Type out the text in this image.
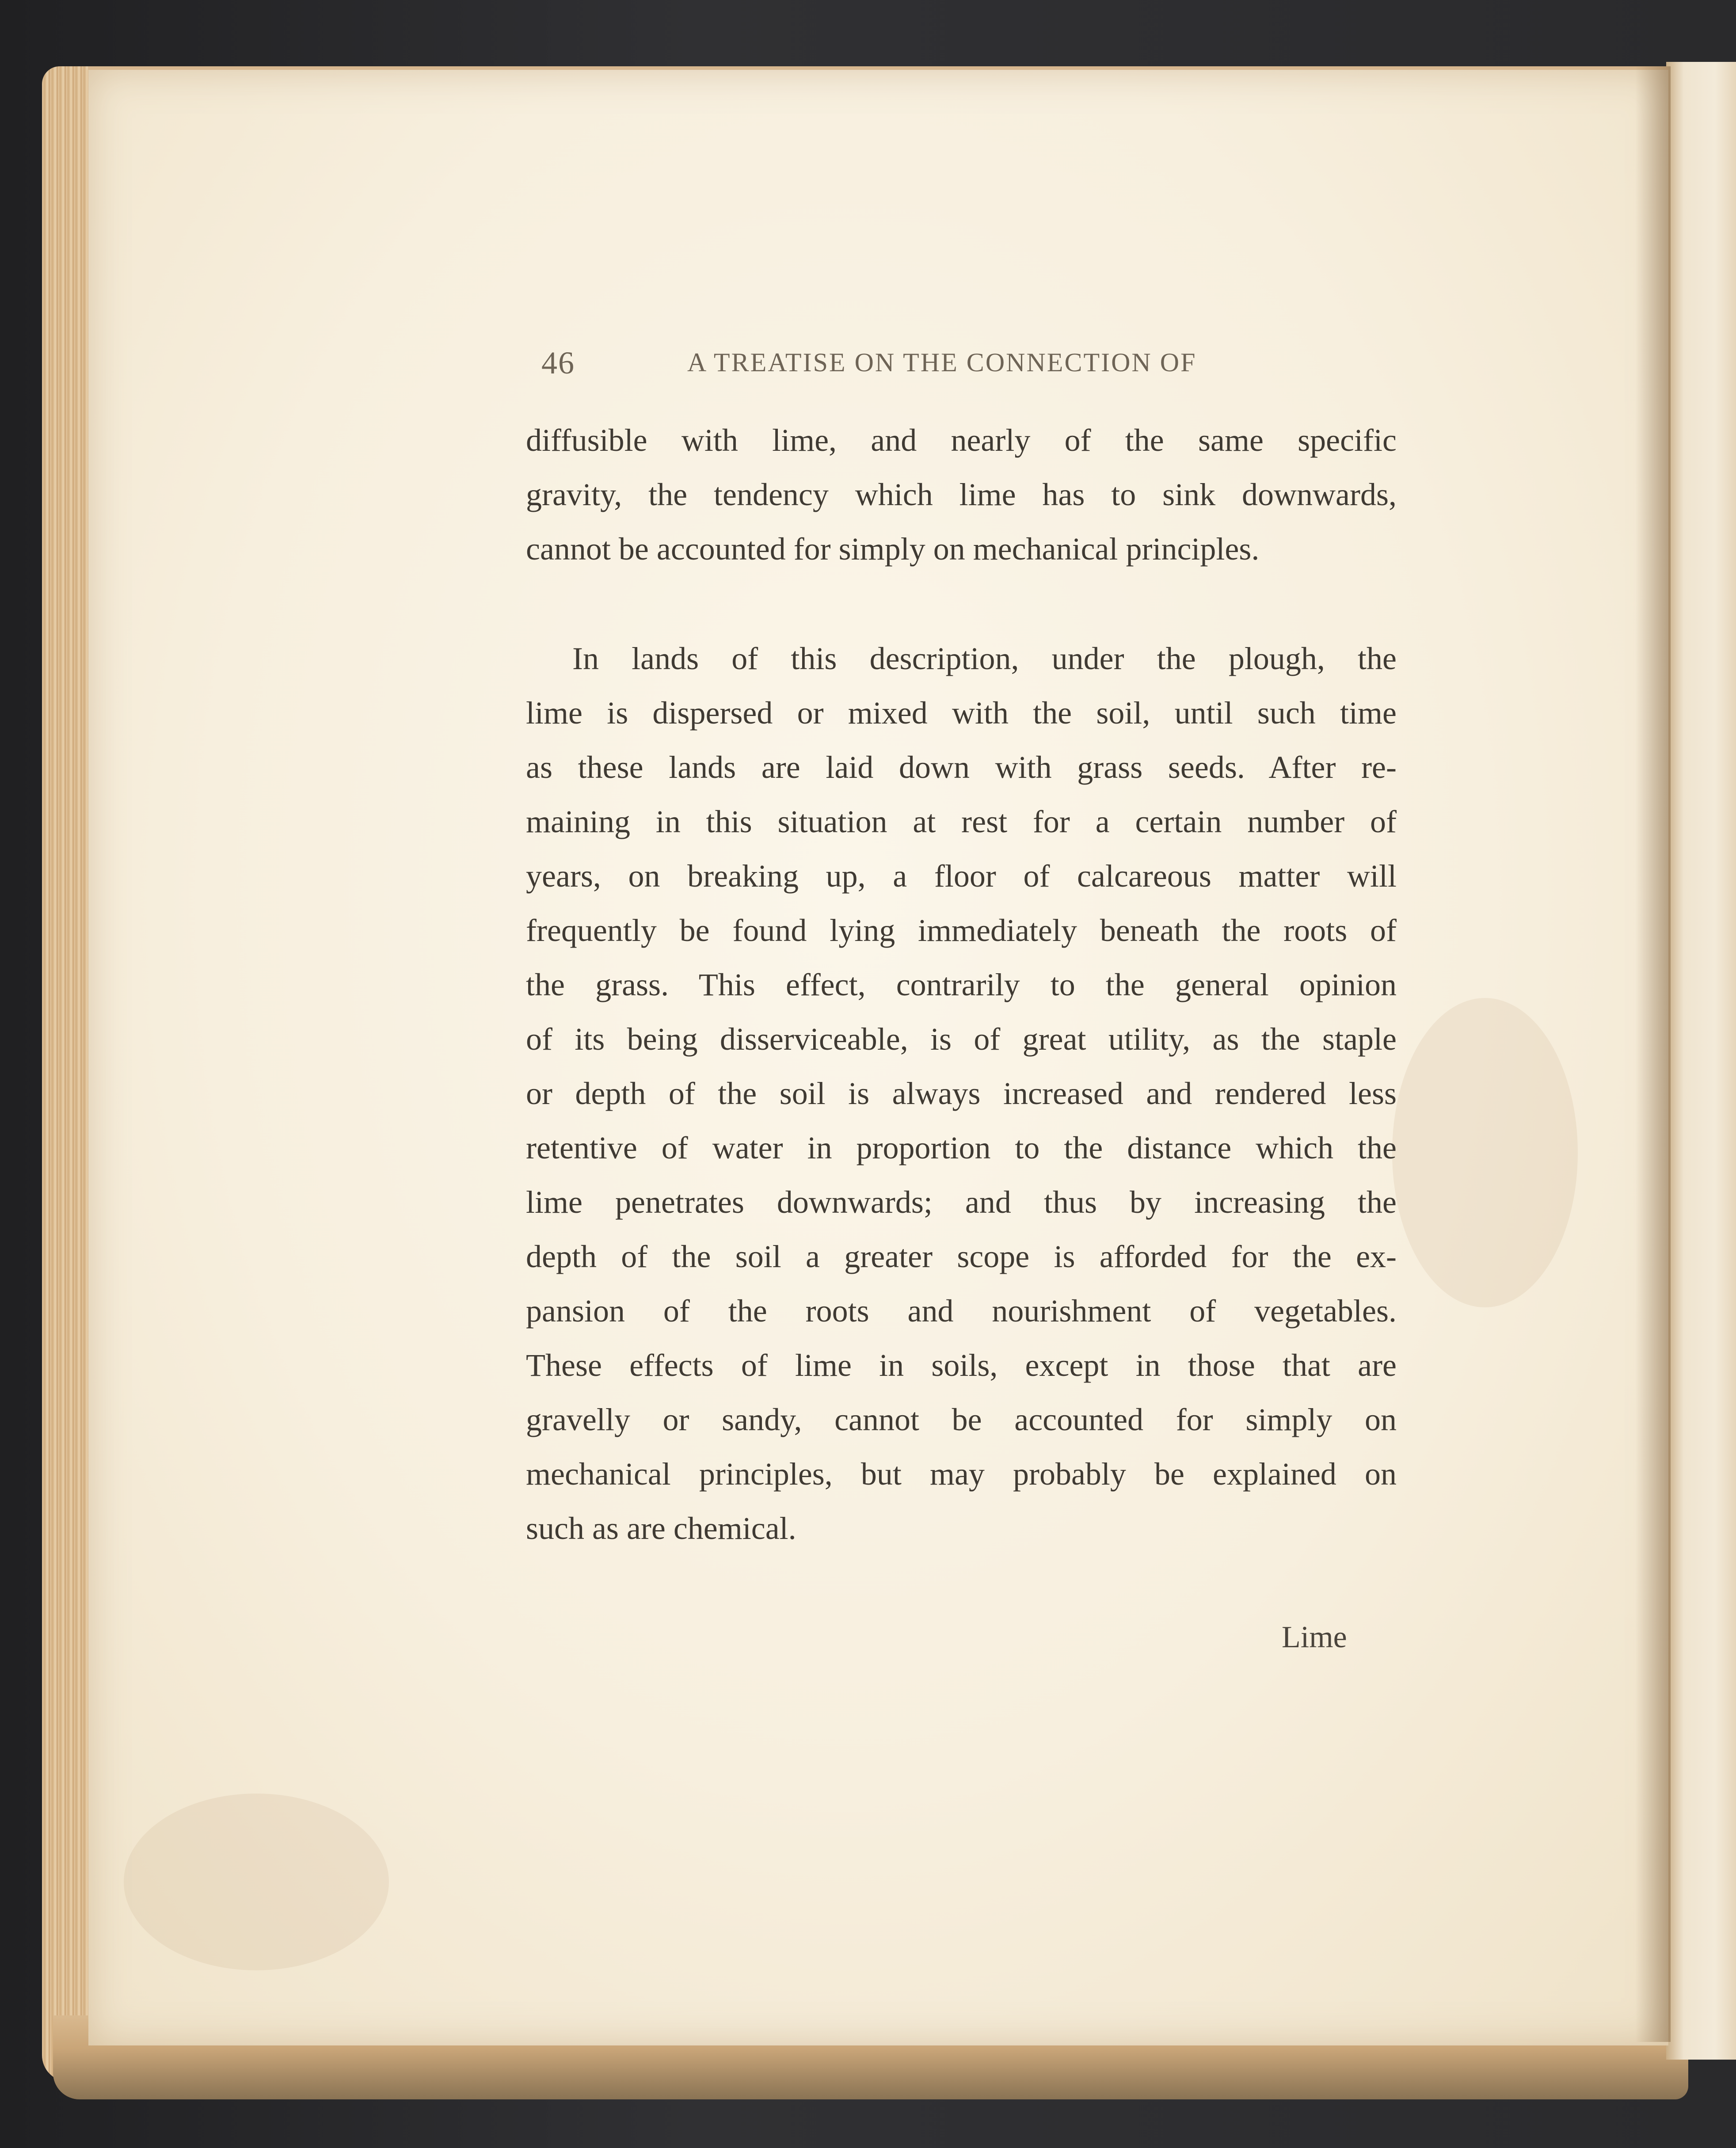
46	A TREATISE ON THE CONNECTION OF

diffusible with lime, and nearly of the same specific
gravity, the tendency which lime has to sink downwards,
cannot be accounted for simply on mechanical principles.

In lands of this description, under the plough, the
lime is dispersed or mixed with the soil, until such time
as these lands are laid down with grass seeds. After re-
maining in this situation at rest for a certain number of
years, on breaking up, a floor of calcareous matter will
frequently be found lying immediately beneath the roots of
the grass. This effect, contrarily to the general opinion
of its being disserviceable, is of great utility, as the staple
or depth of the soil is always increased and rendered less
retentive of water in proportion to the distance which the
lime penetrates downwards; and thus by increasing the
depth of the soil a greater scope is afforded for the ex-
pansion of the roots and nourishment of vegetables.
These effects of lime in soils, except in those that are
gravelly or sandy, cannot be accounted for simply on
mechanical principles, but may probably be explained on
such as are chemical.

Lime
